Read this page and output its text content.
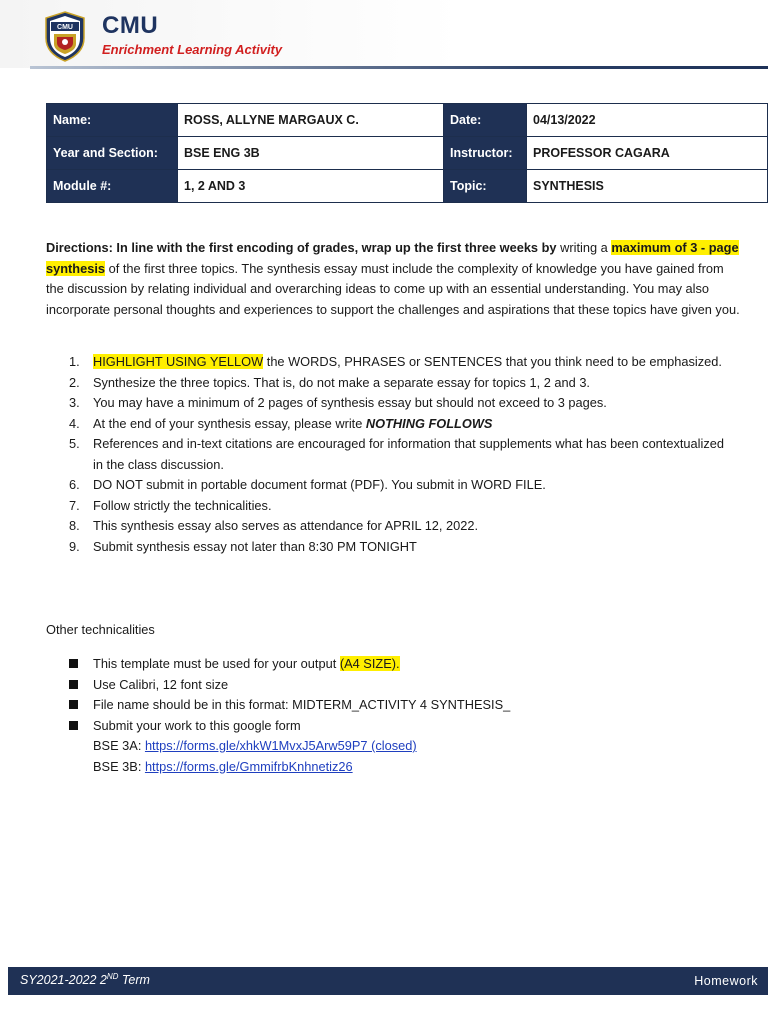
CMU CMU
Enrichment Learning Activity
Name:	ROSS, ALLYNE MARGAUX C.	Date:	04/13/2022
Year and Section:	BSE ENG 3B	Instructor:	PROFESSOR CAGARA
Module #:	1, 2 AND 3	Topic:	SYNTHESIS
Directions: In line with the first encoding of grades, wrap up the first three weeks by writing a maximum of 3 - page synthesis of the first three topics. The synthesis essay must include the complexity of knowledge you have gained from the discussion by relating individual and overarching ideas to come up with an essential understanding. You may also incorporate personal thoughts and experiences to support the challenges and aspirations that these topics have given you.
1. HIGHLIGHT USING YELLOW the WORDS, PHRASES or SENTENCES that you think need to be emphasized.
2. Synthesize the three topics. That is, do not make a separate essay for topics 1, 2 and 3.
3. You may have a minimum of 2 pages of synthesis essay but should not exceed to 3 pages.
4. At the end of your synthesis essay, please write NOTHING FOLLOWS
5. References and in-text citations are encouraged for information that supplements what has been contextualized in the class discussion.
6. DO NOT submit in portable document format (PDF). You submit in WORD FILE.
7. Follow strictly the technicalities.
8. This synthesis essay also serves as attendance for APRIL 12, 2022.
9. Submit synthesis essay not later than 8:30 PM TONIGHT
Other technicalities
This template must be used for your output (A4 SIZE).
Use Calibri, 12 font size
File name should be in this format: MIDTERM_ACTIVITY 4 SYNTHESIS_
Submit your work to this google form
BSE 3A: https://forms.gle/xhkW1MvxJ5Arw59P7 (closed)
BSE 3B: https://forms.gle/GmmifrbKnhnetiz26
SY2021-2022 2ND Term	Homework
